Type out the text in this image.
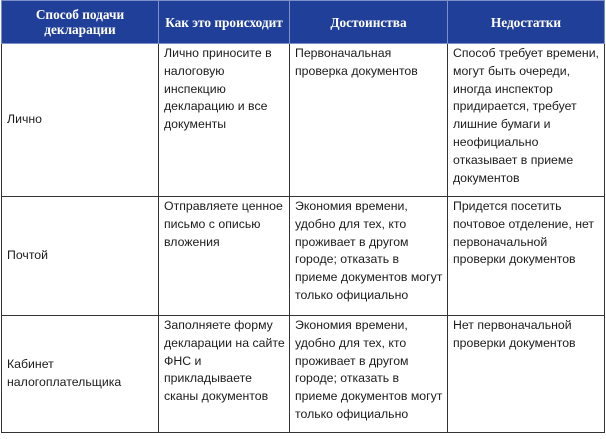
Способ подачи декларации	Как это происходит	Достоинства	Недостатки

Лично	Лично приносите в налоговую инспекцию декларацию и все документы	Первоначальная проверка документов	Способ требует времени, могут быть очереди, иногда инспектор придирается, требует лишние бумаги и неофициально отказывает в приеме документов

Почтой	Отправляете ценное письмо с описью вложения	Экономия времени, удобно для тех, кто проживает в другом городе; отказать в приеме документов могут только официально	Придется посетить почтовое отделение, нет первоначальной проверки документов

Кабинет налогоплательщика	Заполняете форму декларации на сайте ФНС и прикладываете сканы документов	Экономия времени, удобно для тех, кто проживает в другом городе; отказать в приеме документов могут только официально	Нет первоначальной проверки документов
